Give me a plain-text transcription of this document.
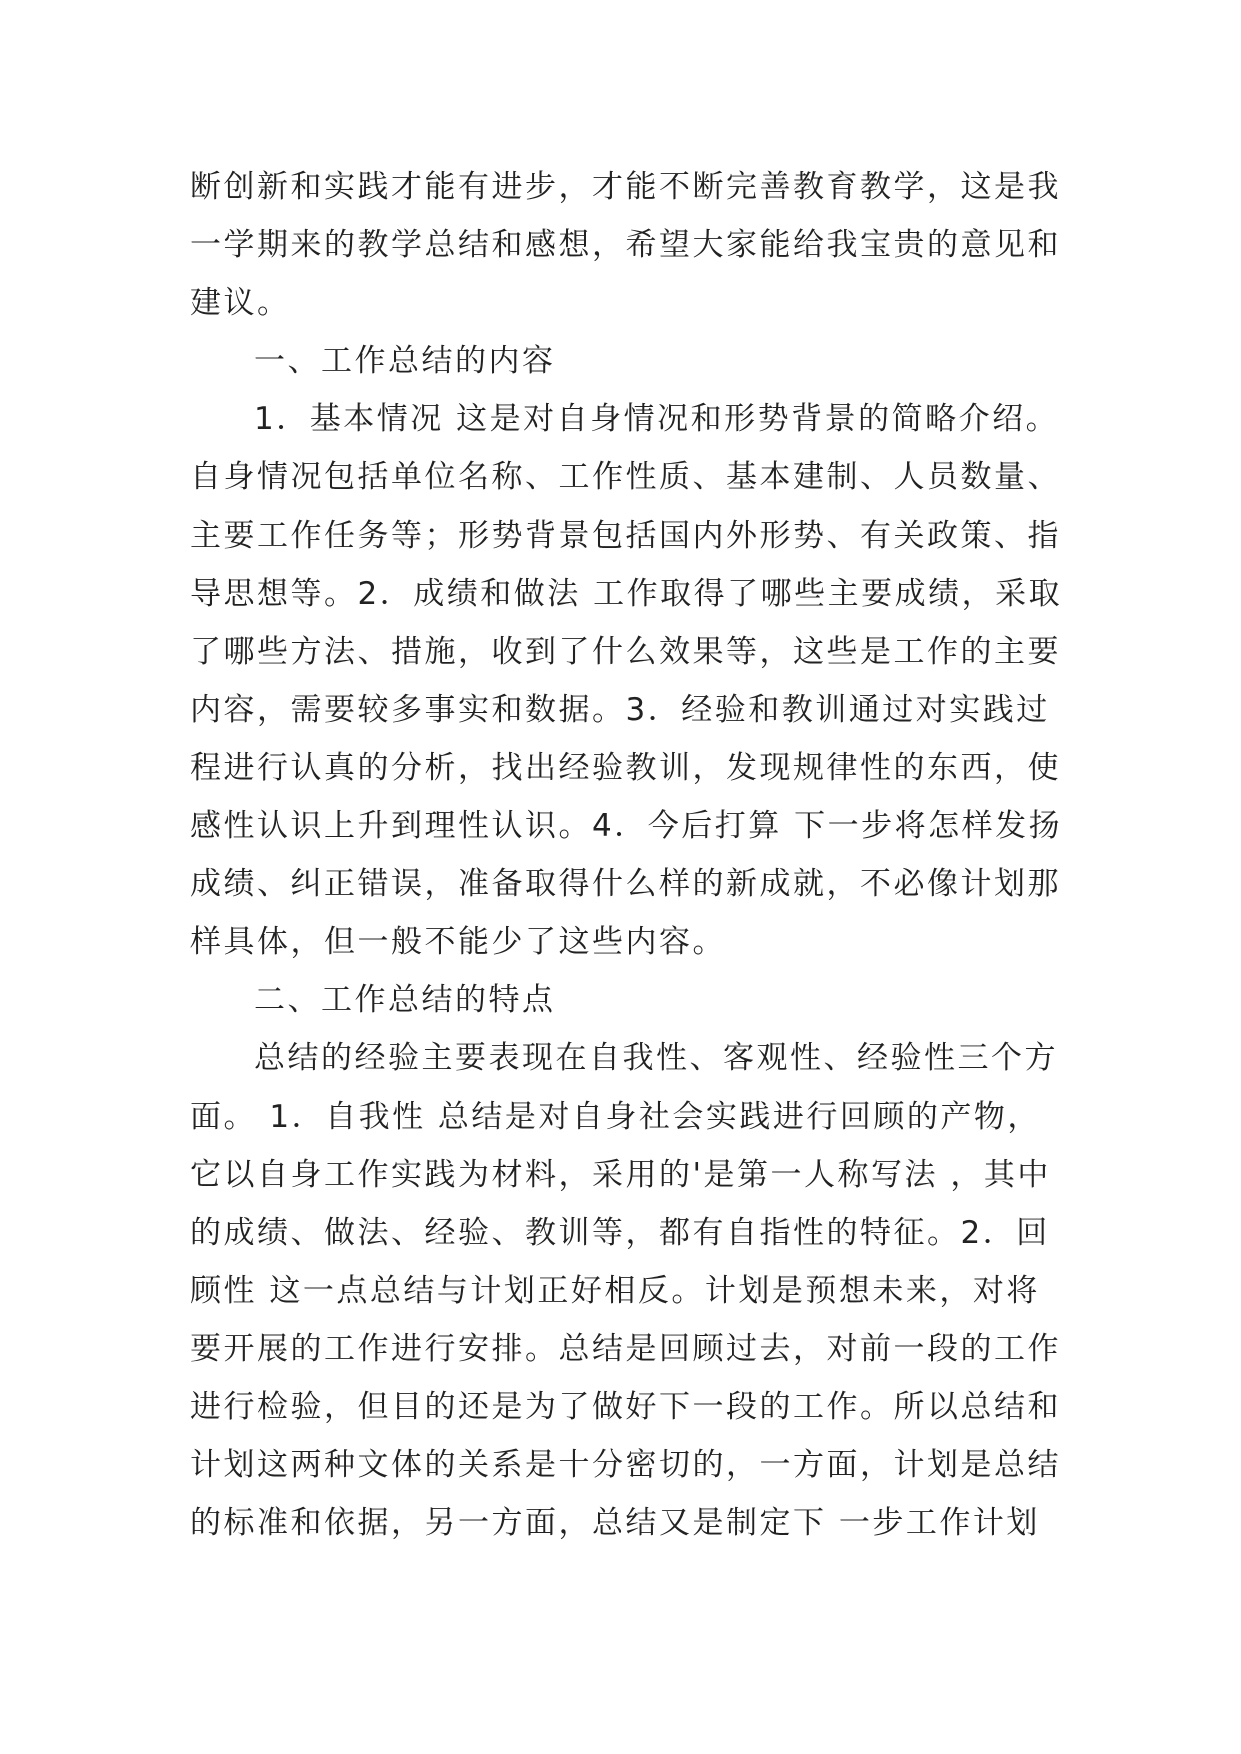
断创新和实践才能有进步，才能不断完善教育教学，这是我
一学期来的教学总结和感想，希望大家能给我宝贵的意见和
建议。
一、工作总结的内容
1．基本情况 这是对自身情况和形势背景的简略介绍。
自身情况包括单位名称、工作性质、基本建制、人员数量、
主要工作任务等；形势背景包括国内外形势、有关政策、指
导思想等。2．成绩和做法 工作取得了哪些主要成绩，采取
了哪些方法、措施，收到了什么效果等，这些是工作的主要
内容，需要较多事实和数据。3．经验和教训通过对实践过
程进行认真的分析，找出经验教训，发现规律性的东西，使
感性认识上升到理性认识。4．今后打算 下一步将怎样发扬
成绩、纠正错误，准备取得什么样的新成就，不必像计划那
样具体，但一般不能少了这些内容。
二、工作总结的特点
总结的经验主要表现在自我性、客观性、经验性三个方
面。 1．自我性 总结是对自身社会实践进行回顾的产物，
它以自身工作实践为材料，采用的'是第一人称写法 ，其中
的成绩、做法、经验、教训等，都有自指性的特征。2．回
顾性 这一点总结与计划正好相反。计划是预想未来，对将
要开展的工作进行安排。总结是回顾过去，对前一段的工作
进行检验，但目的还是为了做好下一段的工作。所以总结和
计划这两种文体的关系是十分密切的，一方面，计划是总结
的标准和依据，另一方面，总结又是制定下 一步工作计划
